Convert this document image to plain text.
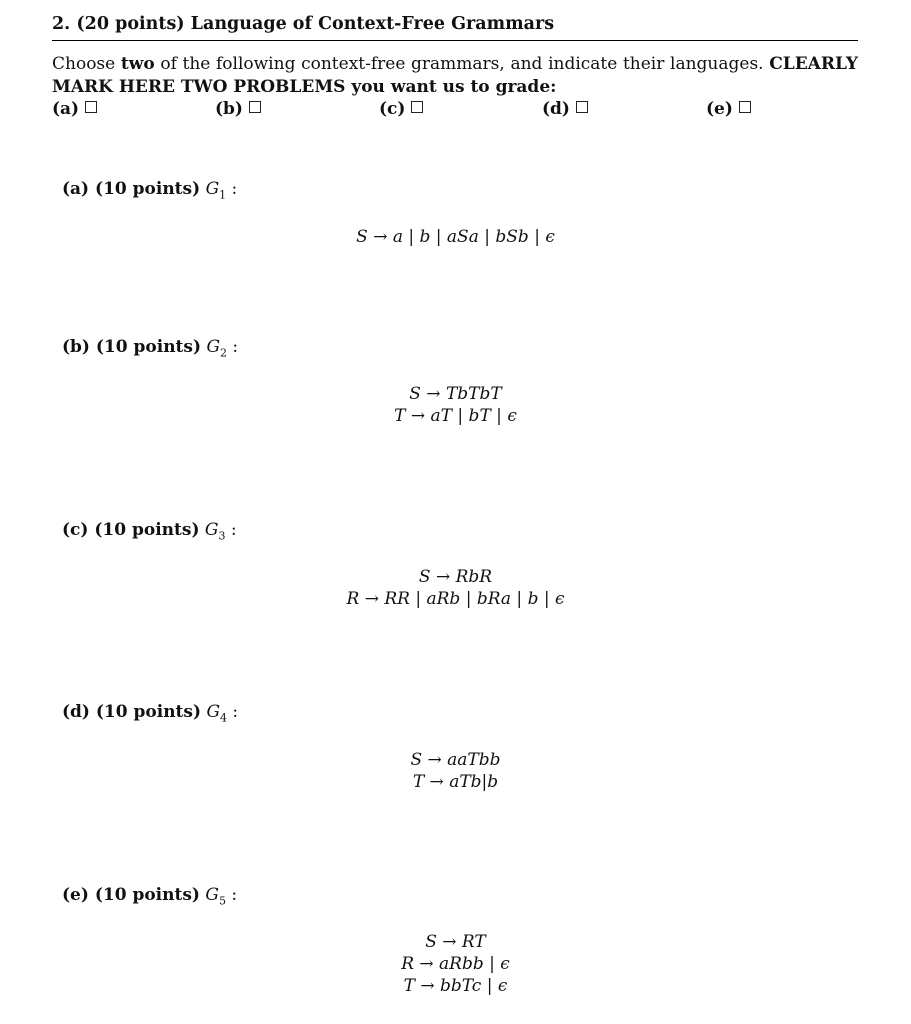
2. (20 points) Language of Context-Free Grammars
Choose two of the following context-free grammars, and indicate their languages. CLEARLY MARK HERE TWO PROBLEMS you want us to grade:
(a)	(b)	(c)	(d)	(e)
(a) (10 points) $G_1$ :
S → a | b | aSa | bSb | ϵ
(b) (10 points) $G_2$ :
S → TbTbT
T → aT | bT | ϵ
(c) (10 points) $G_3$ :
S → RbR
R → RR | aRb | bRa | b | ϵ
(d) (10 points) $G_4$ :
S → aaTbb
T → aTb|b
(e) (10 points) $G_5$ :
S → RT
R → aRbb | ϵ
T → bbTc | ϵ
